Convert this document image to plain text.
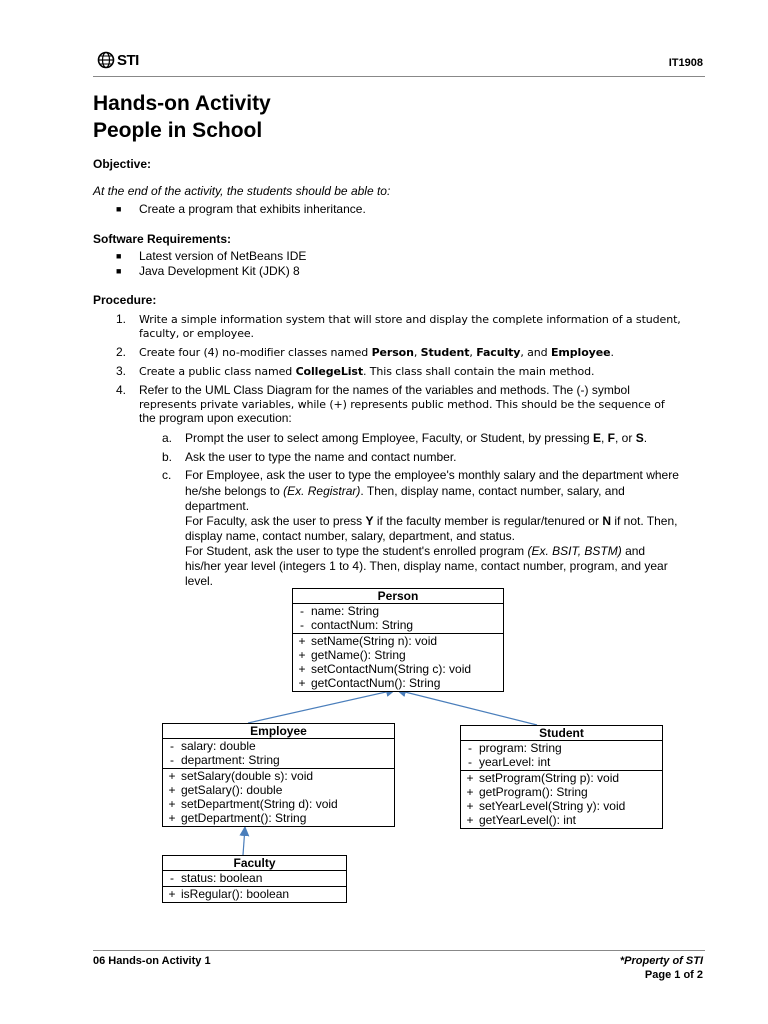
STI	IT1908
Hands-on Activity
People in School
Objective:
At the end of the activity, the students should be able to:
■ Create a program that exhibits inheritance.
Software Requirements:
■ Latest version of NetBeans IDE
■ Java Development Kit (JDK) 8
Procedure:
1. Write a simple information system that will store and display the complete information of a student,
faculty, or employee.
2. Create four (4) no-modifier classes named Person, Student, Faculty, and Employee.
3. Create a public class named CollegeList. This class shall contain the main method.
4. Refer to the UML Class Diagram for the names of the variables and methods. The (-) symbol
represents private variables, while (+) represents public method. This should be the sequence of
the program upon execution:
a. Prompt the user to select among Employee, Faculty, or Student, by pressing E, F, or S.
b. Ask the user to type the name and contact number.
c. For Employee, ask the user to type the employee's monthly salary and the department where
he/she belongs to (Ex. Registrar). Then, display name, contact number, salary, and
department.
For Faculty, ask the user to press Y if the faculty member is regular/tenured or N if not. Then,
display name, contact number, salary, department, and status.
For Student, ask the user to type the student's enrolled program (Ex. BSIT, BSTM) and
his/her year level (integers 1 to 4). Then, display name, contact number, program, and year
level.
Person
- name: String
- contactNum: String
+ setName(String n): void
+ getName(): String
+ setContactNum(String c): void
+ getContactNum(): String
Employee
- salary: double
- department: String
+ setSalary(double s): void
+ getSalary(): double
+ setDepartment(String d): void
+ getDepartment(): String
Student
- program: String
- yearLevel: int
+ setProgram(String p): void
+ getProgram(): String
+ setYearLevel(String y): void
+ getYearLevel(): int
Faculty
- status: boolean
+ isRegular(): boolean
06 Hands-on Activity 1	*Property of STI
Page 1 of 2
